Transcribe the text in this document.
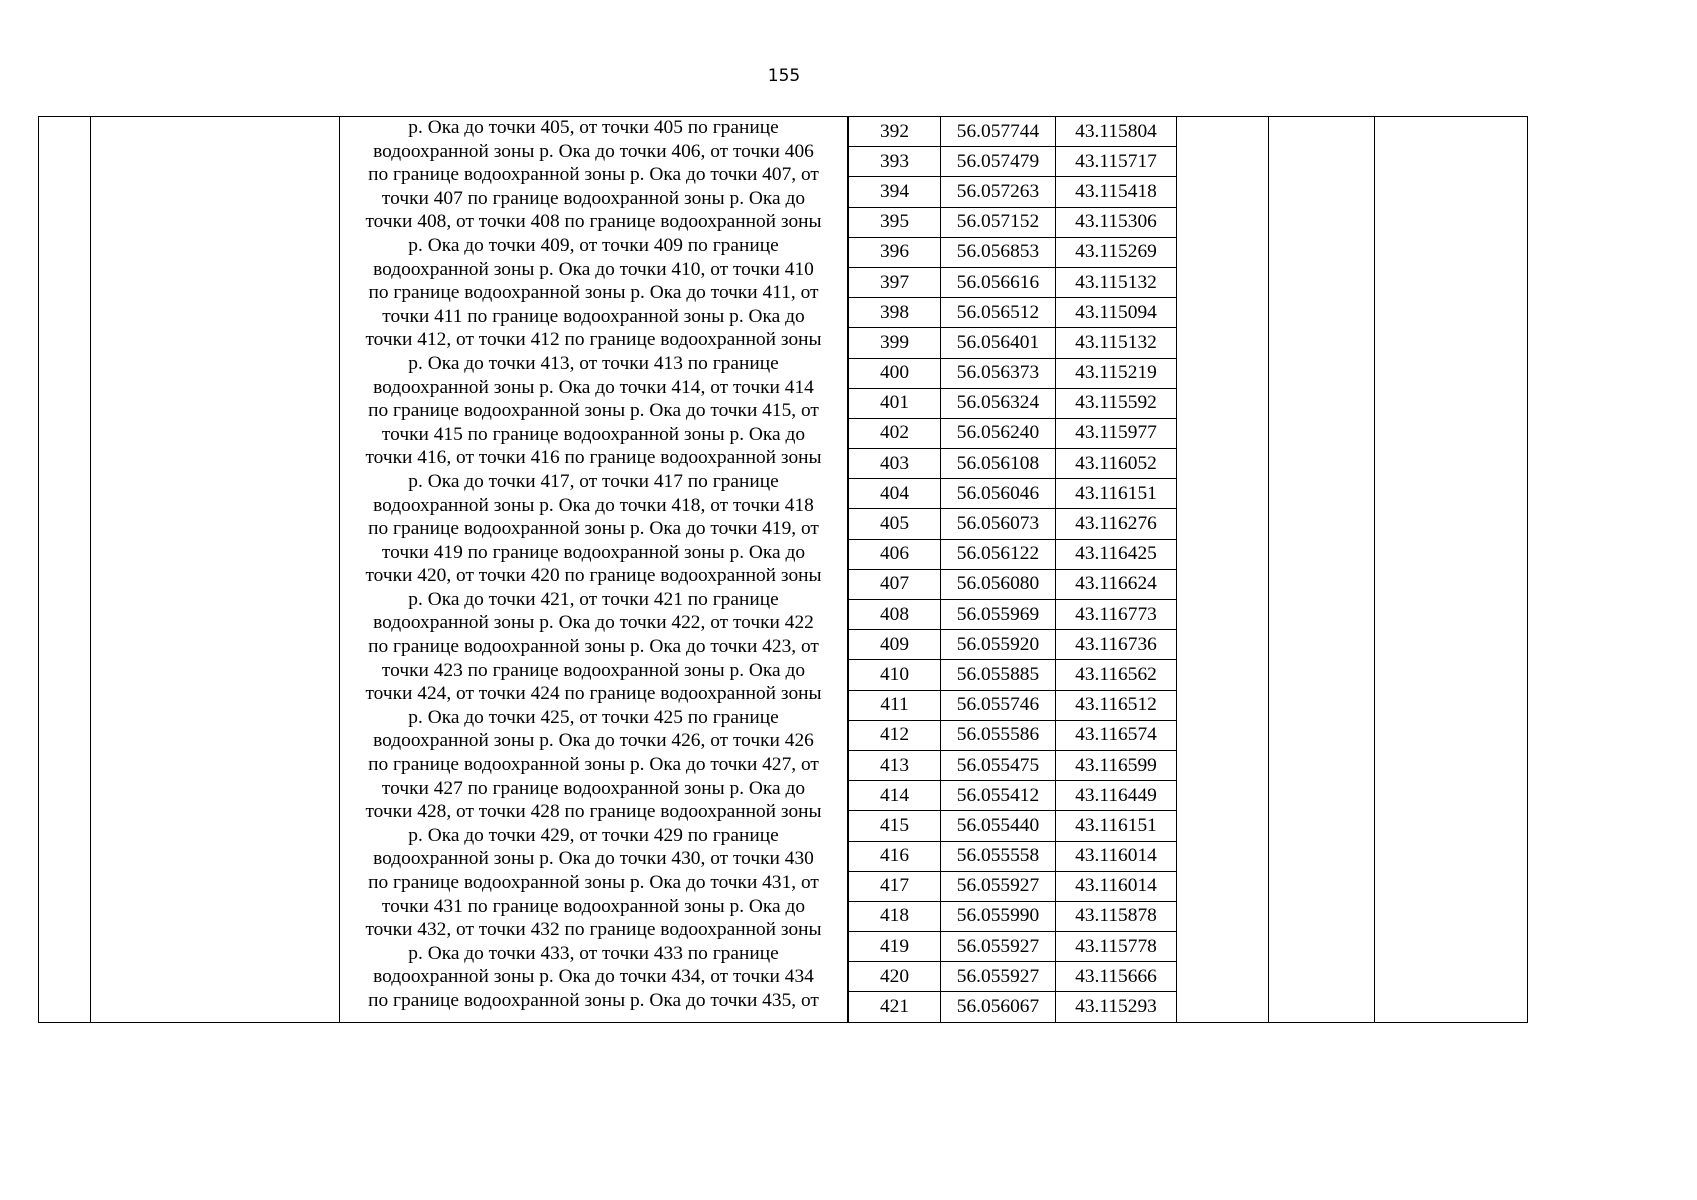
155
р. Ока до точки 405, от точки 405 по границе
водоохранной зоны р. Ока до точки 406, от точки 406
по границе водоохранной зоны р. Ока до точки 407, от
точки 407 по границе водоохранной зоны р. Ока до
точки 408, от точки 408 по границе водоохранной зоны
р. Ока до точки 409, от точки 409 по границе
водоохранной зоны р. Ока до точки 410, от точки 410
по границе водоохранной зоны р. Ока до точки 411, от
точки 411 по границе водоохранной зоны р. Ока до
точки 412, от точки 412 по границе водоохранной зоны
р. Ока до точки 413, от точки 413 по границе
водоохранной зоны р. Ока до точки 414, от точки 414
по границе водоохранной зоны р. Ока до точки 415, от
точки 415 по границе водоохранной зоны р. Ока до
точки 416, от точки 416 по границе водоохранной зоны
р. Ока до точки 417, от точки 417 по границе
водоохранной зоны р. Ока до точки 418, от точки 418
по границе водоохранной зоны р. Ока до точки 419, от
точки 419 по границе водоохранной зоны р. Ока до
точки 420, от точки 420 по границе водоохранной зоны
р. Ока до точки 421, от точки 421 по границе
водоохранной зоны р. Ока до точки 422, от точки 422
по границе водоохранной зоны р. Ока до точки 423, от
точки 423 по границе водоохранной зоны р. Ока до
точки 424, от точки 424 по границе водоохранной зоны
р. Ока до точки 425, от точки 425 по границе
водоохранной зоны р. Ока до точки 426, от точки 426
по границе водоохранной зоны р. Ока до точки 427, от
точки 427 по границе водоохранной зоны р. Ока до
точки 428, от точки 428 по границе водоохранной зоны
р. Ока до точки 429, от точки 429 по границе
водоохранной зоны р. Ока до точки 430, от точки 430
по границе водоохранной зоны р. Ока до точки 431, от
точки 431 по границе водоохранной зоны р. Ока до
точки 432, от точки 432 по границе водоохранной зоны
р. Ока до точки 433, от точки 433 по границе
водоохранной зоны р. Ока до точки 434, от точки 434
по границе водоохранной зоны р. Ока до точки 435, от
392	56.057744	43.115804
393	56.057479	43.115717
394	56.057263	43.115418
395	56.057152	43.115306
396	56.056853	43.115269
397	56.056616	43.115132
398	56.056512	43.115094
399	56.056401	43.115132
400	56.056373	43.115219
401	56.056324	43.115592
402	56.056240	43.115977
403	56.056108	43.116052
404	56.056046	43.116151
405	56.056073	43.116276
406	56.056122	43.116425
407	56.056080	43.116624
408	56.055969	43.116773
409	56.055920	43.116736
410	56.055885	43.116562
411	56.055746	43.116512
412	56.055586	43.116574
413	56.055475	43.116599
414	56.055412	43.116449
415	56.055440	43.116151
416	56.055558	43.116014
417	56.055927	43.116014
418	56.055990	43.115878
419	56.055927	43.115778
420	56.055927	43.115666
421	56.056067	43.115293
